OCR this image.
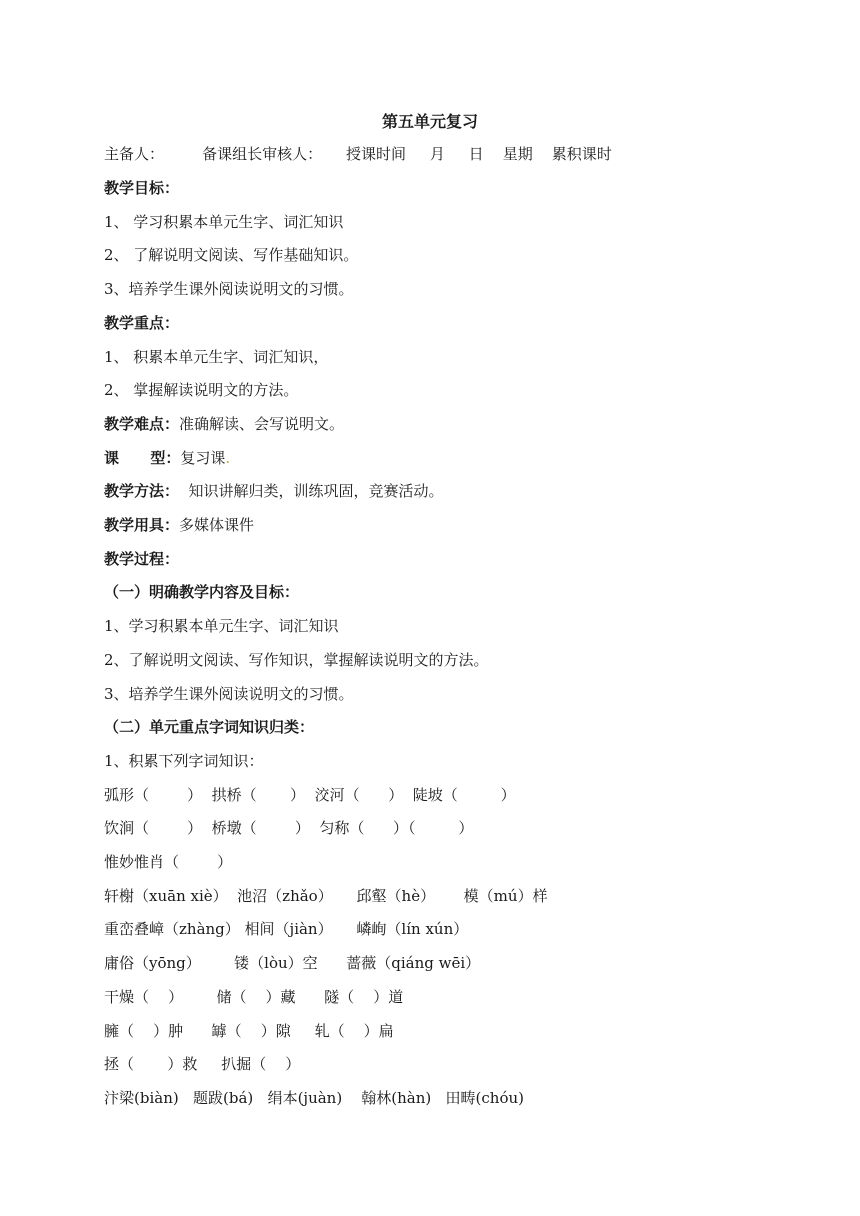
第五单元复习
主备人：        备课组长审核人：     授课时间     月     日    星期    累积课时
教学目标：
1、 学习积累本单元生字、词汇知识
2、 了解说明文阅读、写作基础知识。
3、培养学生课外阅读说明文的习惯。
教学重点：
1、 积累本单元生字、词汇知识，
2、 掌握解读说明文的方法。
教学难点：准确解读、会写说明文。
课      型：复习课.
教学方法：  知识讲解归类，训练巩固，竞赛活动。
教学用具：多媒体课件
教学过程：
（一）明确教学内容及目标：
1、学习积累本单元生字、词汇知识
2、了解说明文阅读、写作知识，掌握解读说明文的方法。
3、培养学生课外阅读说明文的习惯。
（二）单元重点字词知识归类：
1、积累下列字词知识：
弧形（        ）  拱桥（       ）  洨河（      ）  陡坡（         ）
饮涧（        ）  桥墩（        ）  匀称（      ）（         ）
惟妙惟肖（        ）
轩榭（xuān xiè）  池沼（zhǎo）     邱壑（hè）      模（mú）样
重峦叠嶂（zhàng） 相间（jiàn）     嶙峋（lín xún）
庸俗（yōng）       镂（lòu）空      蔷薇（qiáng wēi）
干燥（    ）       储（    ）藏      隧（    ）道
臃（    ）肿      罅（    ）隙     轧（    ）扁
拯（       ）救     扒掘（    ）
汴梁(biàn)   题跋(bá)   绢本(juàn)    翰林(hàn)   田畴(chóu)
